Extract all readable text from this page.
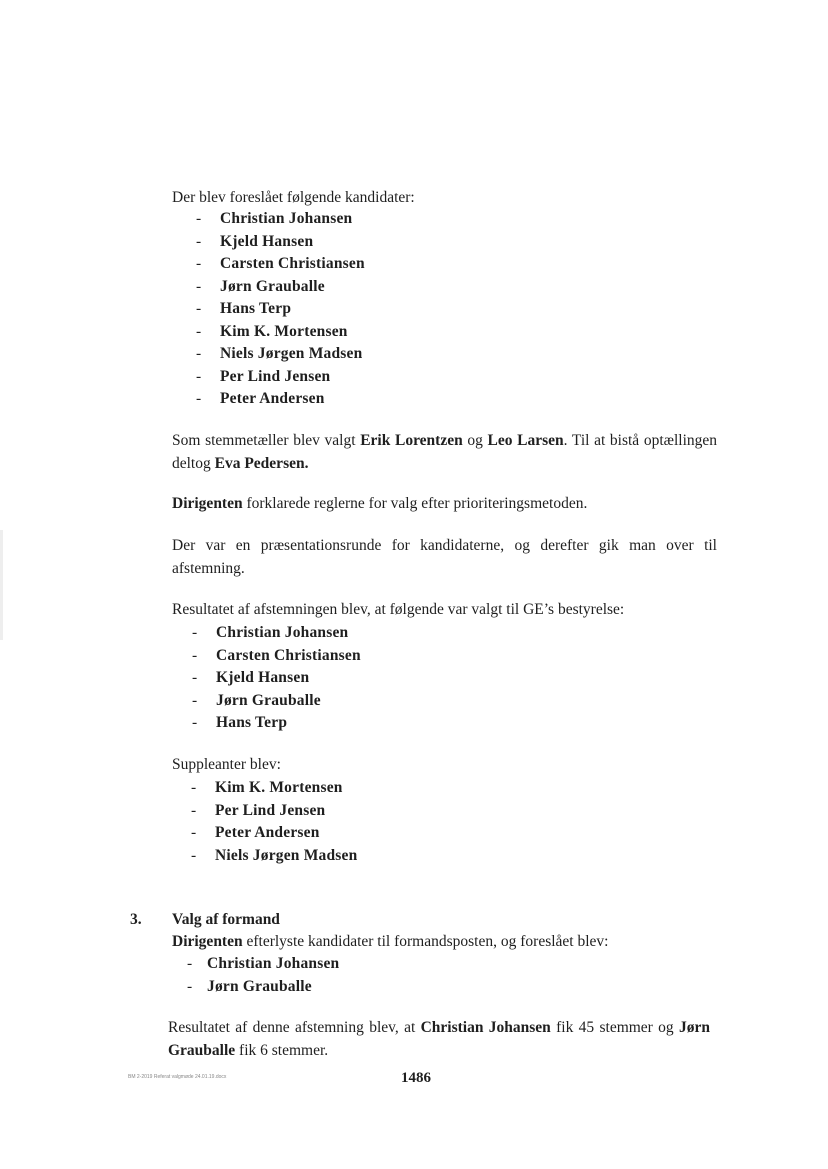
Der blev foreslået følgende kandidater:

- Christian Johansen
- Kjeld Hansen
- Carsten Christiansen
- Jørn Grauballe
- Hans Terp
- Kim K. Mortensen
- Niels Jørgen Madsen
- Per Lind Jensen
- Peter Andersen

Som stemmetæller blev valgt Erik Lorentzen og Leo Larsen. Til at bistå optællingen deltog Eva Pedersen.

Dirigenten forklarede reglerne for valg efter prioriteringsmetoden.

Der var en præsentationsrunde for kandidaterne, og derefter gik man over til afstemning.

Resultatet af afstemningen blev, at følgende var valgt til GE’s bestyrelse:

- Christian Johansen
- Carsten Christiansen
- Kjeld Hansen
- Jørn Grauballe
- Hans Terp

Suppleanter blev:

- Kim K. Mortensen
- Per Lind Jensen
- Peter Andersen
- Niels Jørgen Madsen
3. Valg af formand

Dirigenten efterlyste kandidater til formandsposten, og foreslået blev:

- Christian Johansen
- Jørn Grauballe

Resultatet af denne afstemning blev, at Christian Johansen fik 45 stemmer og Jørn Grauballe fik 6 stemmer.

BM 2-2019 Referat valgmøde 24.01.19.docx	1486
